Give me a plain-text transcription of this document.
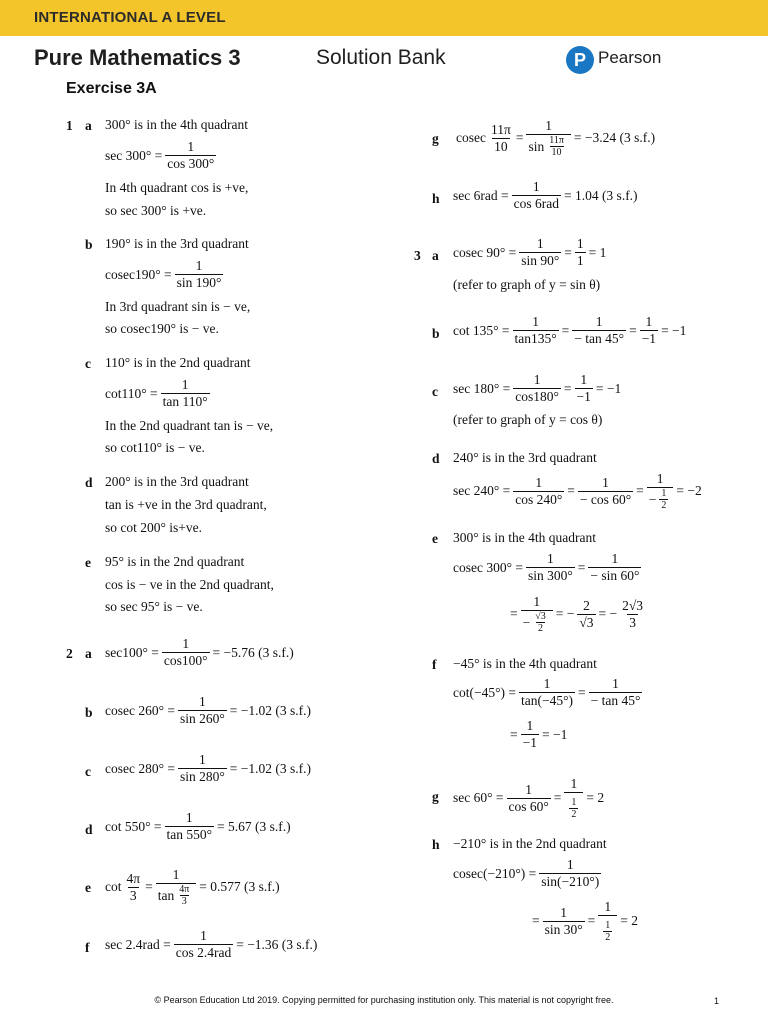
INTERNATIONAL A LEVEL
Pure Mathematics 3	Solution Bank	P Pearson
Exercise 3A
1 a 300° is in the 4th quadrant
$\sec 300^\circ = \frac{1}{\cos 300^\circ}$
In 4th quadrant cos is +ve,
so sec 300° is +ve.
b 190° is in the 3rd quadrant
$cosec190^\circ = \frac{1}{\sin 190^\circ}$
In 3rd quadrant sin is − ve,
so cosec190° is − ve.
c 110° is in the 2nd quadrant
$\cot 110^\circ = \frac{1}{\tan 110^\circ}$
In the 2nd quadrant tan is − ve,
so cot110° is − ve.
d 200° is in the 3rd quadrant
tan is +ve in the 3rd quadrant,
so cot 200° is+ve.
e 95° is in the 2nd quadrant
cos is − ve in the 2nd quadrant,
so sec 95° is − ve.
2 a $\sec 100^\circ = \frac{1}{\cos 100^\circ} = -5.76$ (3 s.f.)
b cosec $260^\circ = \frac{1}{\sin 260^\circ} = -1.02$ (3 s.f.)
c cosec $280^\circ = \frac{1}{\sin 280^\circ} = -1.02$ (3 s.f.)
d $\cot 550^\circ = \frac{1}{\tan 550^\circ} = 5.67$ (3 s.f.)
e $\cot \frac{4\pi}{3} = \frac{1}{\tan \frac{4\pi}{3}} = 0.577$ (3 s.f.)
f sec 2.4rad =
1
cos 2.4rad
= −1.36 (3 s.f.)
g cosec $\frac{11\pi}{10} = \frac{1}{\sin \frac{11\pi}{10}} = -3.24$ (3 s.f.)
h sec 6rad =
1
cos 6rad
= 1.04 (3 s.f.)
3 a cosec $90^\circ = \frac{1}{\sin 90^\circ} = \frac{1}{1} = 1$
(refer to graph of y = sin θ)
b $\cot 135^\circ = \frac{1}{\tan 135^\circ} = \frac{1}{- \tan 45^\circ} = \frac{1}{-1} = -1$
c $\sec 180^\circ = \frac{1}{\cos 180^\circ} = \frac{1}{-1} = -1$
(refer to graph of y = cos θ)
d 240° is in the 3rd quadrant
$\sec 240^\circ = \frac{1}{\cos 240^\circ} = \frac{1}{- \cos 60^\circ} = \frac{1}{- \frac{1}{2}} = -2$
e 300° is in the 4th quadrant
cosec $300^\circ = \frac{1}{\sin 300^\circ} = \frac{1}{- \sin 60^\circ}$
= $\frac{1}{- \frac{√3}{2}}$ = − $\frac{2}{√3}$ = − $\frac{2√3}{3}$
f −45° is in the 4th quadrant
$\cot(-45^\circ) = \frac{1}{\tan(-45^\circ)} = \frac{1}{- \tan 45^\circ}$
= $\frac{1}{-1} = -1$
g $\sec 60^\circ = \frac{1}{\cos 60^\circ} = \frac{1}{\frac{1}{2}} = 2$
h −210° is in the 2nd quadrant
$cosec(-210^\circ) = \frac{1}{\sin(-210^\circ)}$
= $\frac{1}{\sin 30^\circ} = \frac{1}{\frac{1}{2}} = 2$
© Pearson Education Ltd 2019. Copying permitted for purchasing institution only. This material is not copyright free.	1
